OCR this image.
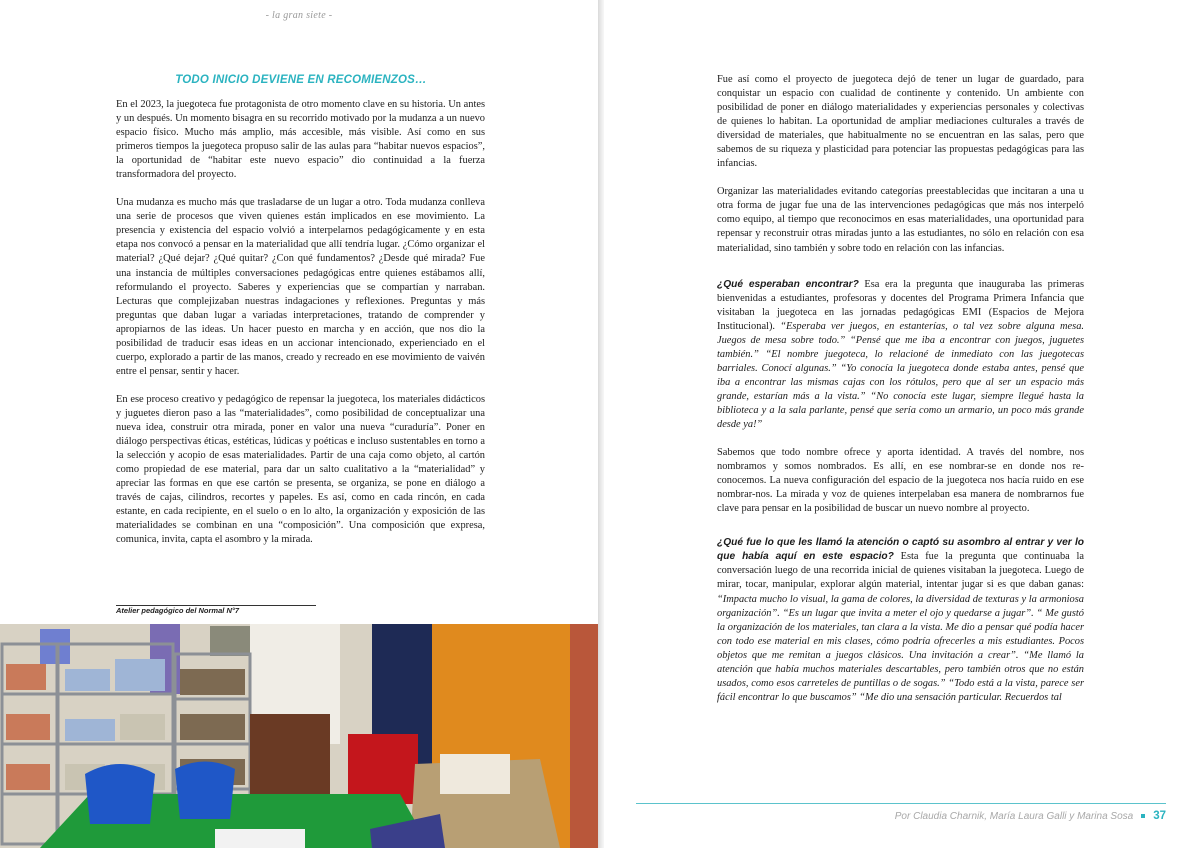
- la gran siete -
TODO INICIO DEVIENE EN RECOMIENZOS…

En el 2023, la juegoteca fue protagonista de otro momento clave en su historia. Un antes y un después. Un momento bisagra en su recorrido motivado por la mudanza a un nuevo espacio físico. Mucho más amplio, más accesible, más visible. Así como en sus primeros tiempos la juegoteca propuso salir de las aulas para “habitar nuevos espacios”, la oportunidad de “habitar este nuevo espacio” dio continuidad a la fuerza transformadora del proyecto.

Una mudanza es mucho más que trasladarse de un lugar a otro. Toda mudanza conlleva una serie de procesos que viven quienes están implicados en ese movimiento. La presencia y existencia del espacio volvió a interpelarnos pedagógicamente y en esta etapa nos convocó a pensar en la materialidad que allí tendría lugar. ¿Cómo organizar el material? ¿Qué dejar? ¿Qué quitar? ¿Con qué fundamentos? ¿Desde qué mirada? Fue una instancia de múltiples conversaciones pedagógicas entre quienes estábamos allí, reformulando el proyecto. Saberes y experiencias que se compartían y narraban. Lecturas que complejizaban nuestras indagaciones y reflexiones. Preguntas y más preguntas que daban lugar a variadas interpretaciones, tratando de comprender y apropiarnos de las ideas. Un hacer puesto en marcha y en acción, que nos dio la posibilidad de traducir esas ideas en un accionar intencionado, experienciado en el cuerpo, explorado a partir de las manos, creado y recreado en ese movimiento de vaivén entre el pensar, sentir y hacer.

En ese proceso creativo y pedagógico de repensar la juegoteca, los materiales didácticos y juguetes dieron paso a las “materialidades”, como posibilidad de conceptualizar una nueva idea, construir otra mirada, poner en valor una nueva “curaduría”. Poner en diálogo perspectivas éticas, estéticas, lúdicas y poéticas e incluso sustentables en torno a la selección y acopio de esas materialidades. Partir de una caja como objeto, al cartón como propiedad de ese material, para dar un salto cualitativo a la “materialidad” y apreciar las formas en que ese cartón se presenta, se organiza, se pone en diálogo a través de cajas, cilindros, recortes y papeles. Es así, como en cada rincón, en cada estante, en cada recipiente, en el suelo o en lo alto, la organización y exposición de las materialidades se combinan en una “composición”. Una composición que expresa, comunica, invita, capta el asombro y la mirada.

Atelier pedagógico del Normal N°7

Fue así como el proyecto de juegoteca dejó de tener un lugar de guardado, para conquistar un espacio con cualidad de continente y contenido. Un ambiente con posibilidad de poner en diálogo materialidades y experiencias personales y colectivas de quienes lo habitan. La oportunidad de ampliar mediaciones culturales a través de diversidad de materiales, que habitualmente no se encuentran en las salas, pero que sabemos de su riqueza y plasticidad para potenciar las propuestas pedagógicas para las infancias.

Organizar las materialidades evitando categorías preestablecidas que incitaran a una u otra forma de jugar fue una de las intervenciones pedagógicas que más nos interpeló como equipo, al tiempo que reconocimos en esas materialidades, una oportunidad para repensar y reconstruir otras miradas junto a las estudiantes, no sólo en relación con esa materialidad, sino también y sobre todo en relación con las infancias.

¿Qué esperaban encontrar? Esa era la pregunta que inauguraba las primeras bienvenidas a estudiantes, profesoras y docentes del Programa Primera Infancia que visitaban la juegoteca en las jornadas pedagógicas EMI (Espacios de Mejora Institucional). “Esperaba ver juegos, en estanterías, o tal vez sobre alguna mesa. Juegos de mesa sobre todo.” “Pensé que me iba a encontrar con juegos, juguetes también.” “El nombre juegoteca, lo relacioné de inmediato con las juegotecas barriales. Conocí algunas.” “Yo conocía la juegoteca donde estaba antes, pensé que iba a encontrar las mismas cajas con los rótulos, pero que al ser un espacio más grande, estarían más a la vista.” “No conocía este lugar, siempre llegué hasta la biblioteca y a la sala parlante, pensé que sería como un armario, un poco más grande desde ya!”

Sabemos que todo nombre ofrece y aporta identidad. A través del nombre, nos nombramos y somos nombrados. Es allí, en ese nombrar-se en donde nos re-conocemos. La nueva configuración del espacio de la juegoteca nos hacía ruido en ese nombrar-nos. La mirada y voz de quienes interpelaban esa manera de nombrarnos fue clave para pensar en la posibilidad de buscar un nuevo nombre al proyecto.

¿Qué fue lo que les llamó la atención o captó su asombro al entrar y ver lo que había aquí en este espacio? Esta fue la pregunta que continuaba la conversación luego de una recorrida inicial de quienes visitaban la juegoteca. Luego de mirar, tocar, manipular, explorar algún material, intentar jugar si es que daban ganas: “Impacta mucho lo visual, la gama de colores, la diversidad de texturas y la armoniosa organización”. “Es un lugar que invita a meter el ojo y quedarse a jugar”. “ Me gustó la organización de los materiales, tan clara a la vista. Me dio a pensar qué podía hacer con todo ese material en mis clases, cómo podría ofrecerles a mis estudiantes. Pocos objetos que me remitan a juegos clásicos. Una invitación a crear”. “Me llamó la atención que había muchos materiales descartables, pero también otros que no están usados, como esos carreteles de puntillas o de sogas.” “Todo está a la vista, parece ser fácil encontrar lo que buscamos” “Me dio una sensación particular. Recuerdos tal

Por Claudia Charnik, María Laura Galli y Marina Sosa 37
